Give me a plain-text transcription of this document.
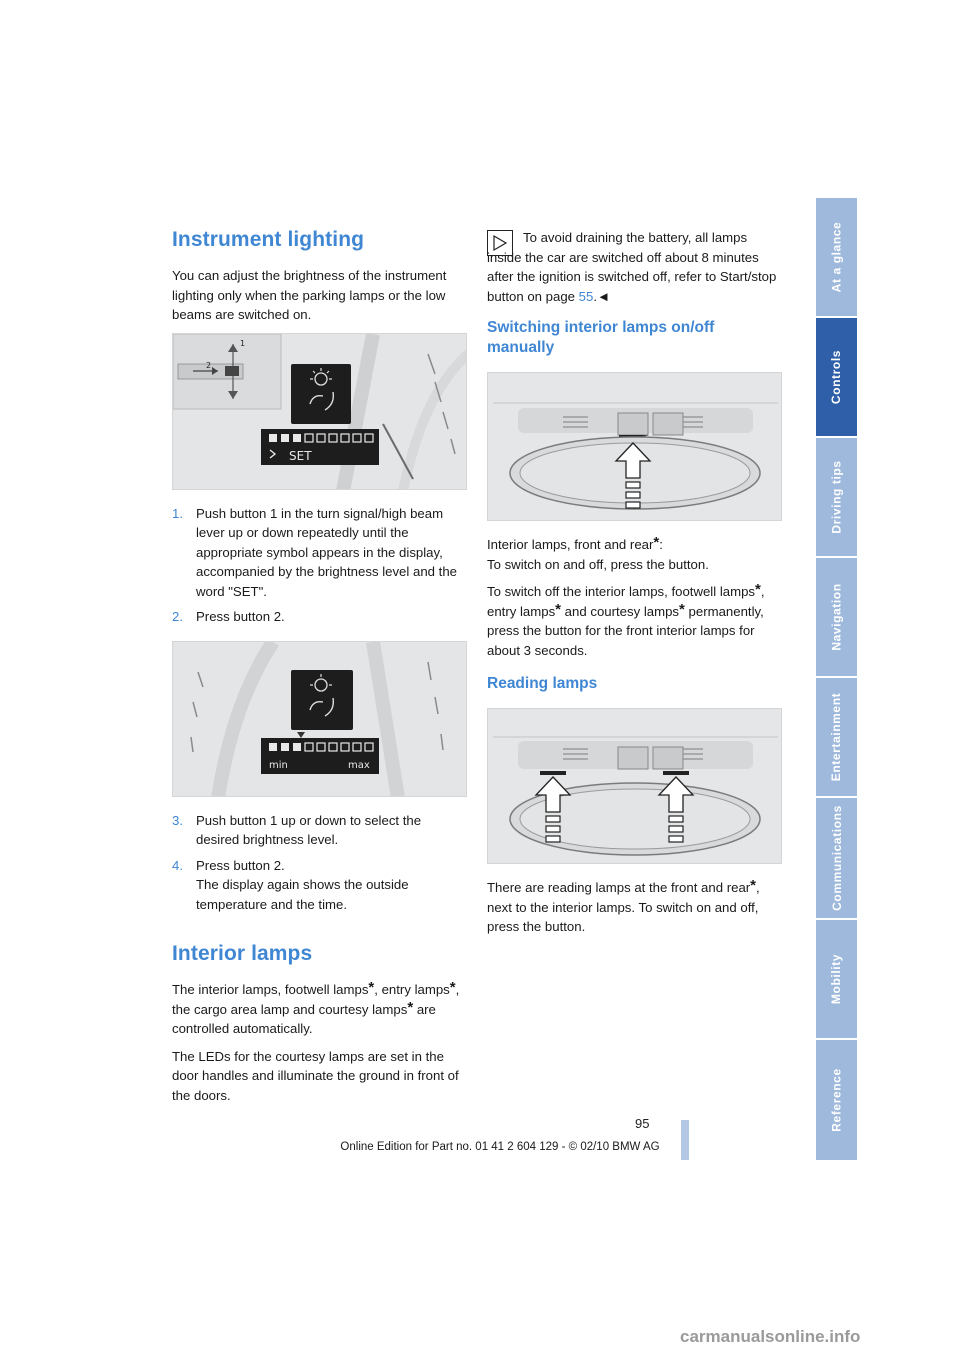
Instrument lighting

You can adjust the brightness of the instrument lighting only when the parking lamps or the low beams are switched on.

SET
1
2
1. Push button 1 in the turn signal/high beam lever up or down repeatedly until the appropriate symbol appears in the display, accompanied by the brightness level and the word "SET".
2. Press button 2.
min	max
3. Push button 1 up or down to select the desired brightness level.
4. Press button 2.
The display again shows the outside temperature and the time.
Interior lamps

The interior lamps, footwell lamps*, entry lamps*, the cargo area lamp and courtesy lamps* are controlled automatically.

The LEDs for the courtesy lamps are set in the door handles and illuminate the ground in front of the doors.

To avoid draining the battery, all lamps inside the car are switched off about 8 minutes after the ignition is switched off, refer to Start/stop button on page 55.◄

Switching interior lamps on/off manually

Interior lamps, front and rear*:
To switch on and off, press the button.

To switch off the interior lamps, footwell lamps*, entry lamps* and courtesy lamps* permanently, press the button for the front interior lamps for about 3 seconds.

Reading lamps

There are reading lamps at the front and rear*, next to the interior lamps. To switch on and off, press the button.

At a glance
Controls
Driving tips
Navigation
Entertainment
Communications
Mobility
Reference
95
Online Edition for Part no. 01 41 2 604 129 - © 02/10 BMW AG
carmanualsonline.info
